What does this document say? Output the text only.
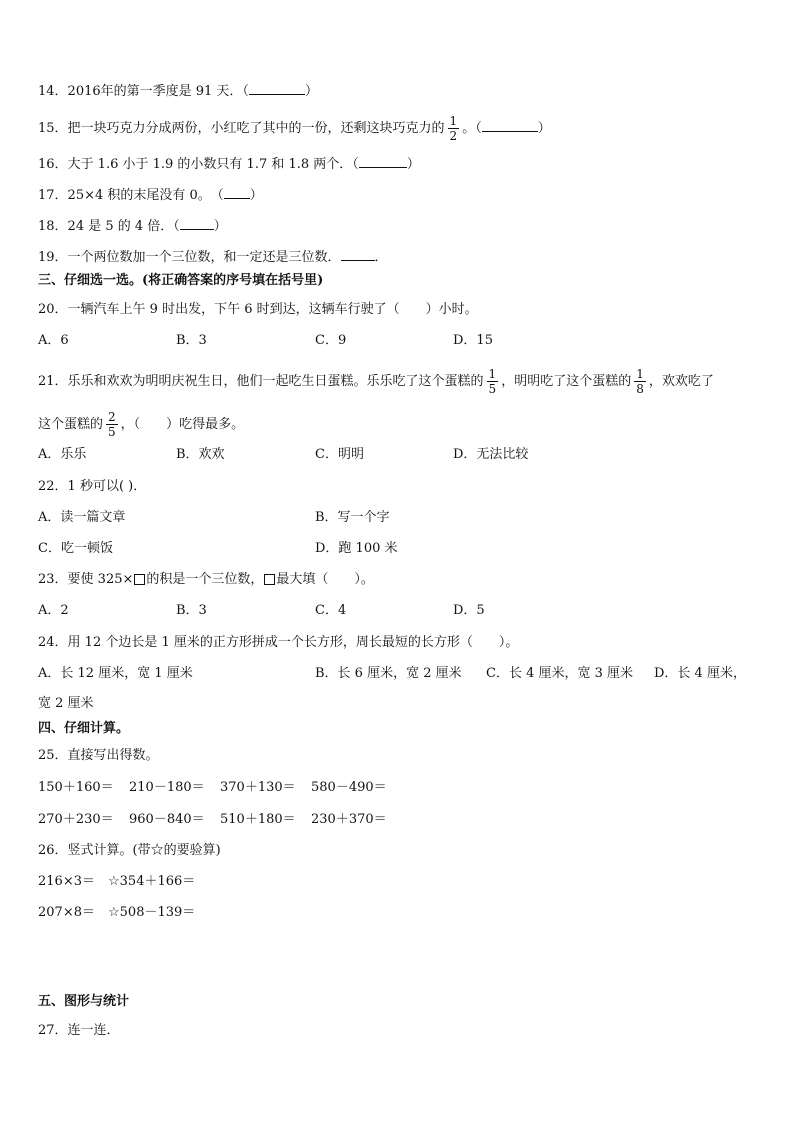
14．2016年的第一季度是 91 天．（	）
15．把一块巧克力分成两份，小红吃了其中的一份，还剩这块巧克力的 $\frac{1}{2}$ 。（	）
16．大于 1.6 小于 1.9 的小数只有 1.7 和 1.8 两个．（	）
17．25×4 积的末尾没有 0。　（ ）
18．24 是 5 的 4 倍．（	）
19．一个两位数加一个三位数，和一定还是三位数．	．
三、仔细选一选。(将正确答案的序号填在括号里)
20．一辆汽车上午 9 时出发，下午 6 时到达，这辆车行驶了（　　）小时。
A．6	B．3	C．9	D．15
21．乐乐和欢欢为明明庆祝生日，他们一起吃生日蛋糕。乐乐吃了这个蛋糕的 $\frac{1}{5}$ ，明明吃了这个蛋糕的 $\frac{1}{8}$ ，欢欢吃了
这个蛋糕的 $\frac{2}{5}$ ，（　　）吃得最多。
A．乐乐	B．欢欢	C．明明	D．无法比较
22．1 秒可以( )．
A．读一篇文章	B．写一个字
C．吃一顿饭	D．跑 100 米
23．要使 325× 的积是一个三位数， 最大填（　　）。
A．2	B．3	C．4	D．5
24．用 12 个边长是 1 厘米的正方形拼成一个长方形，周长最短的长方形（　　）。
A．长 12 厘米，宽 1 厘米	B．长 6 厘米，宽 2 厘米 C．长 4 厘米，宽 3 厘米 D．长 4 厘米，
宽 2 厘米
四、仔细计算。
25．直接写出得数。
150＋160＝ 210－180＝ 370＋130＝ 580－490＝
270＋230＝ 960－840＝ 510＋180＝ 230＋370＝
26．竖式计算。(带☆的要验算)
216×3＝ ☆354＋166＝
207×8＝ ☆508－139＝
五、图形与统计
27．连一连．
